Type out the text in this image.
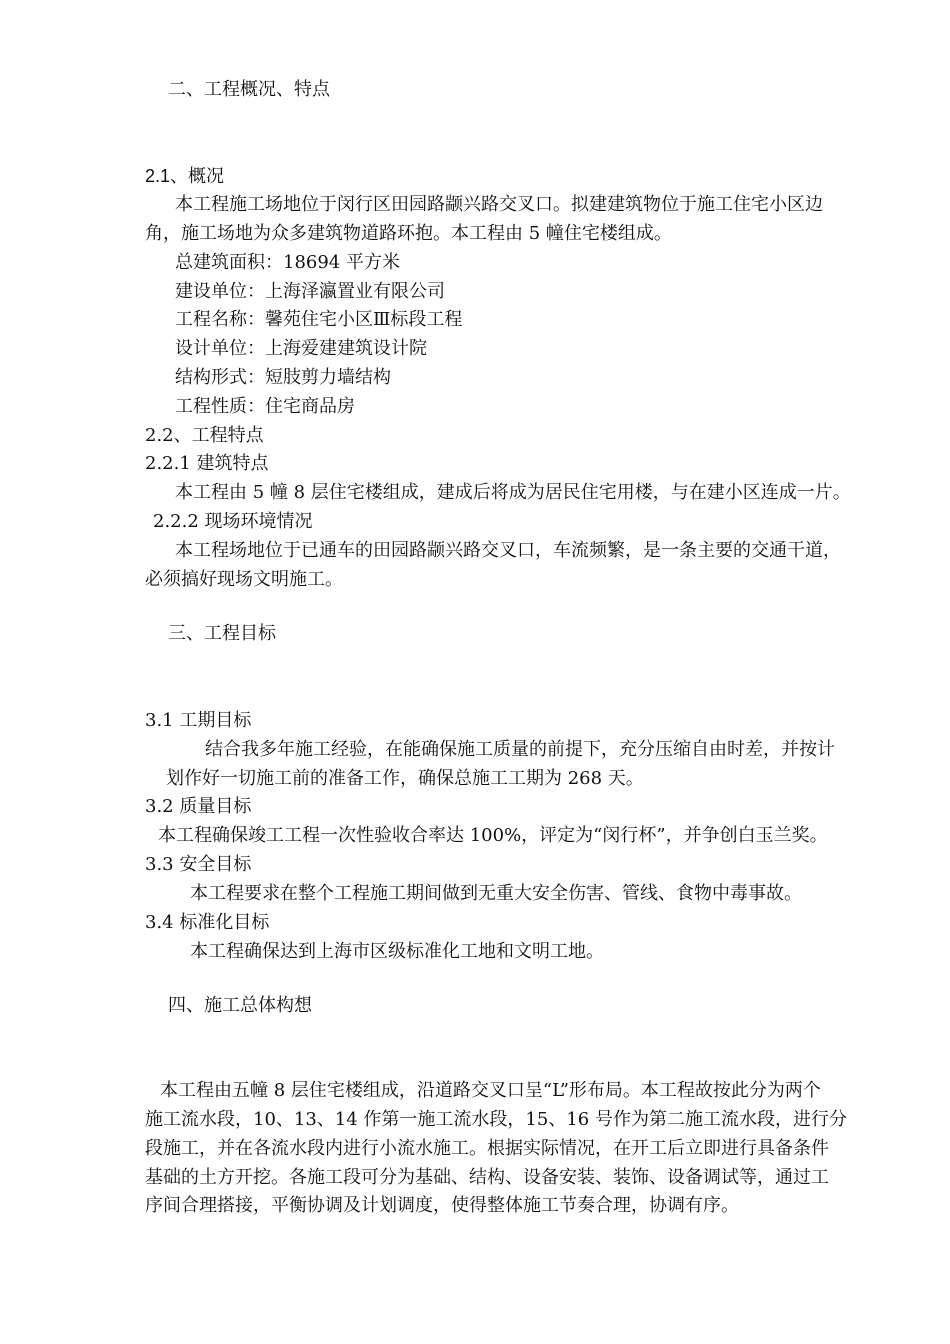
二、工程概况、特点
2.1、概况
本工程施工场地位于闵行区田园路颛兴路交叉口。拟建建筑物位于施工住宅小区边
角，施工场地为众多建筑物道路环抱。本工程由 5 幢住宅楼组成。
总建筑面积：18694 平方米
建设单位：上海泽瀛置业有限公司
工程名称：馨苑住宅小区Ⅲ标段工程
设计单位：上海爱建建筑设计院
结构形式：短肢剪力墙结构
工程性质：住宅商品房
2.2、工程特点
2.2.1 建筑特点
本工程由 5 幢 8 层住宅楼组成，建成后将成为居民住宅用楼，与在建小区连成一片。
2.2.2 现场环境情况
本工程场地位于已通车的田园路颛兴路交叉口，车流频繁，是一条主要的交通干道，
必须搞好现场文明施工。
三、工程目标
3.1 工期目标
结合我多年施工经验，在能确保施工质量的前提下，充分压缩自由时差，并按计
划作好一切施工前的准备工作，确保总施工工期为 268 天。
3.2 质量目标
本工程确保竣工工程一次性验收合率达 100%，评定为“闵行杯”，并争创白玉兰奖。
3.3 安全目标
本工程要求在整个工程施工期间做到无重大安全伤害、管线、食物中毒事故。
3.4 标准化目标
本工程确保达到上海市区级标准化工地和文明工地。
四、施工总体构想
本工程由五幢 8 层住宅楼组成，沿道路交叉口呈“L”形布局。本工程故按此分为两个
施工流水段，10、13、14 作第一施工流水段，15、16 号作为第二施工流水段，进行分
段施工，并在各流水段内进行小流水施工。根据实际情况，在开工后立即进行具备条件
基础的土方开挖。各施工段可分为基础、结构、设备安装、装饰、设备调试等，通过工
序间合理搭接，平衡协调及计划调度，使得整体施工节奏合理，协调有序。
